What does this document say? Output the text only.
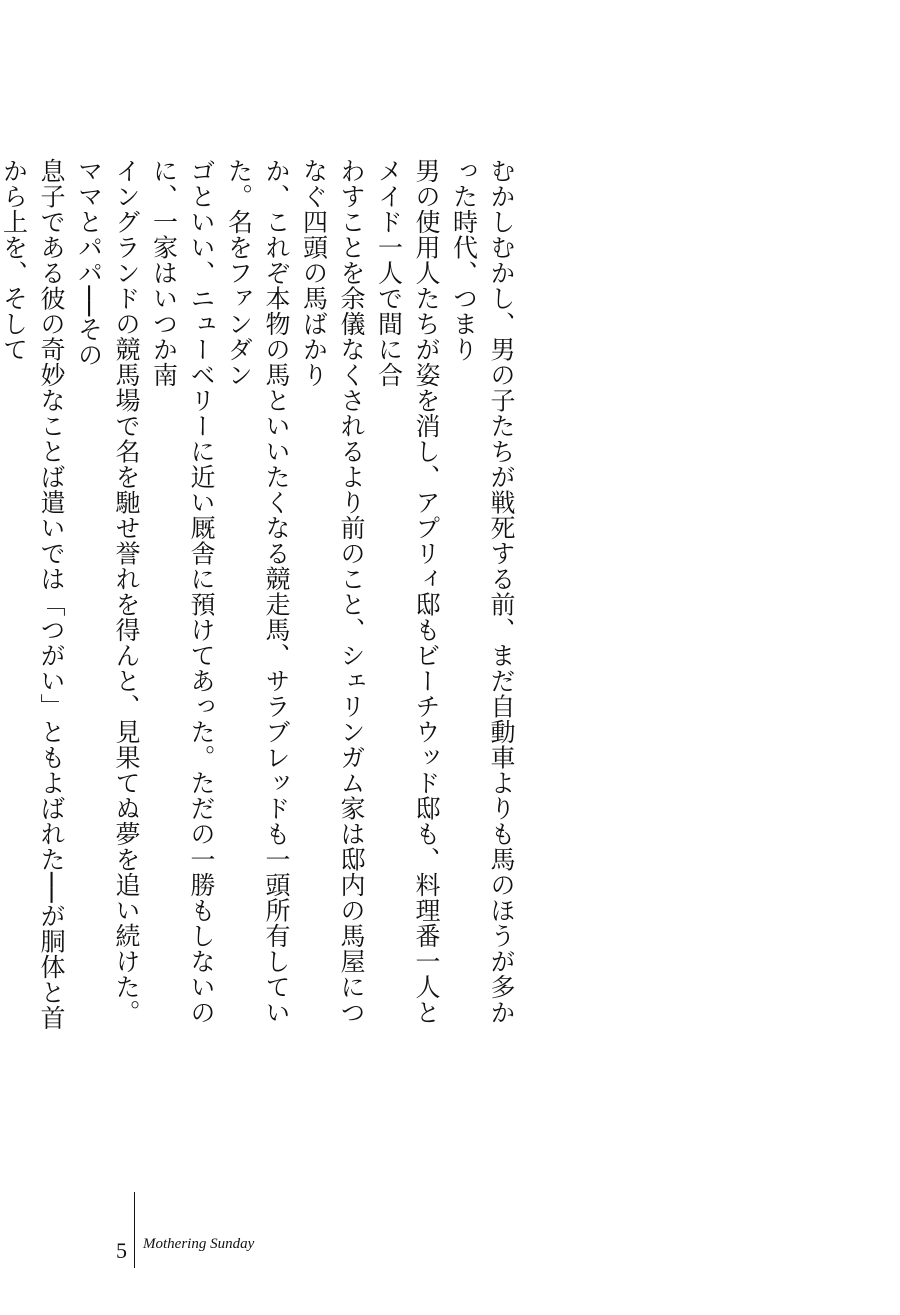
むかしむかし、男の子たちが戦死する前、まだ自動車よりも馬のほうが多かった時代、つまり

男の使用人たちが姿を消し、アプリィ邸もビーチウッド邸も、料理番一人とメイド一人で間に合

わすことを余儀なくされるより前のこと、シェリンガム家は邸内の馬屋につなぐ四頭の馬ばかり

か、これぞ本物の馬といいたくなる競走馬、サラブレッドも一頭所有していた。名をファンダン

ゴといい、ニューベリーに近い厩舎に預けてあった。ただの一勝もしないのに、一家はいつか南

イングランドの競馬場で名を馳せ誉れを得んと、見果てぬ夢を追い続けた。ママとパパ──その

息子である彼の奇妙なことば遣いでは「つがい」ともよばれた──が胴体と首から上を、そして

5 Mothering Sunday
